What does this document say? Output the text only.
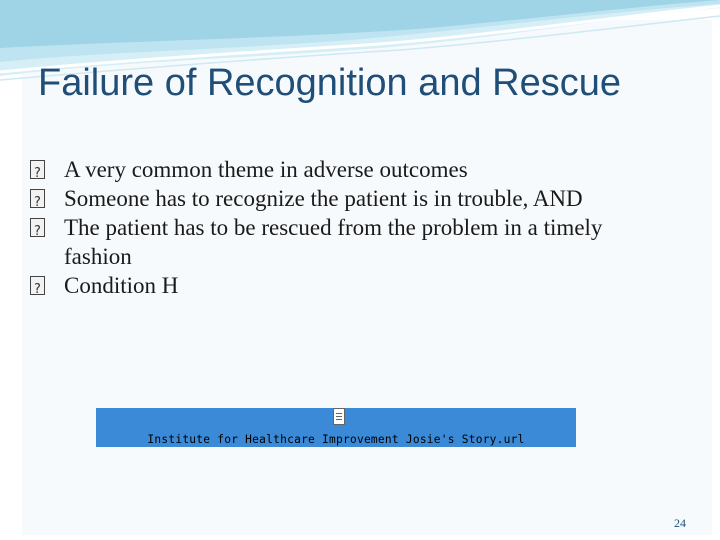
Failure of Recognition and Rescue
?
A very common theme in adverse outcomes
?
Someone has to recognize the patient is in trouble, AND
?
The patient has to be rescued from the problem in a timely fashion
?
Condition H
Institute for Healthcare Improvement Josie's Story.url
24
